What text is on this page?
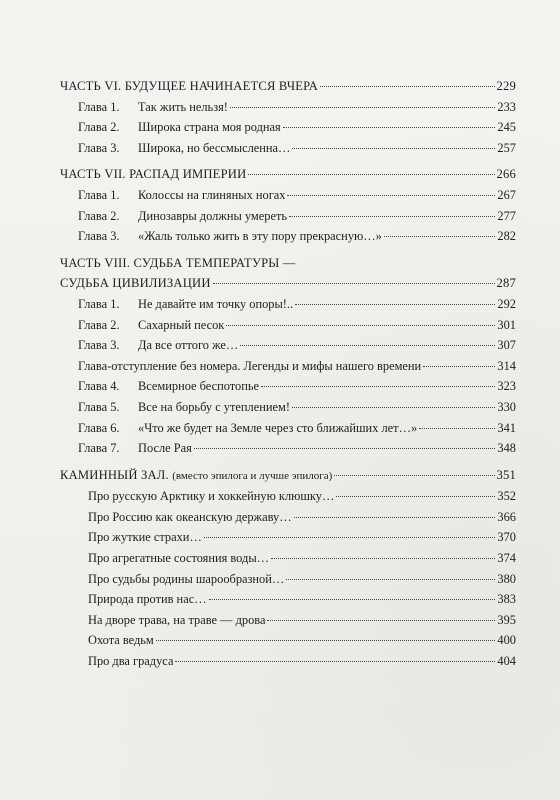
ЧАСТЬ VI. БУДУЩЕЕ НАЧИНАЕТСЯ ВЧЕРА	229
Глава 1.	Так жить нельзя!	233
Глава 2.	Широка страна моя родная	245
Глава 3.	Широка, но бессмысленна…	257
ЧАСТЬ VII. РАСПАД ИМПЕРИИ	266
Глава 1.	Колоссы на глиняных ногах	267
Глава 2.	Динозавры должны умереть	277
Глава 3.	«Жаль только жить в эту пору прекрасную…»	282
ЧАСТЬ VIII. СУДЬБА ТЕМПЕРАТУРЫ —
СУДЬБА ЦИВИЛИЗАЦИИ	287
Глава 1.	Не давайте им точку опоры!..	292
Глава 2.	Сахарный песок	301
Глава 3.	Да все оттого же…	307
Глава-отступление без номера. Легенды и мифы нашего времени	314
Глава 4.	Всемирное беспотопье	323
Глава 5.	Все на борьбу с утеплением!	330
Глава 6.	«Что же будет на Земле через сто ближайших лет…»	341
Глава 7.	После Рая	348
КАМИННЫЙ ЗАЛ. (вместо эпилога и лучше эпилога)	351
Про русскую Арктику и хоккейную клюшку…	352
Про Россию как океанскую державу…	366
Про жуткие страхи…	370
Про агрегатные состояния воды…	374
Про судьбы родины шарообразной…	380
Природа против нас…	383
На дворе трава, на траве — дрова	395
Охота ведьм	400
Про два градуса	404
